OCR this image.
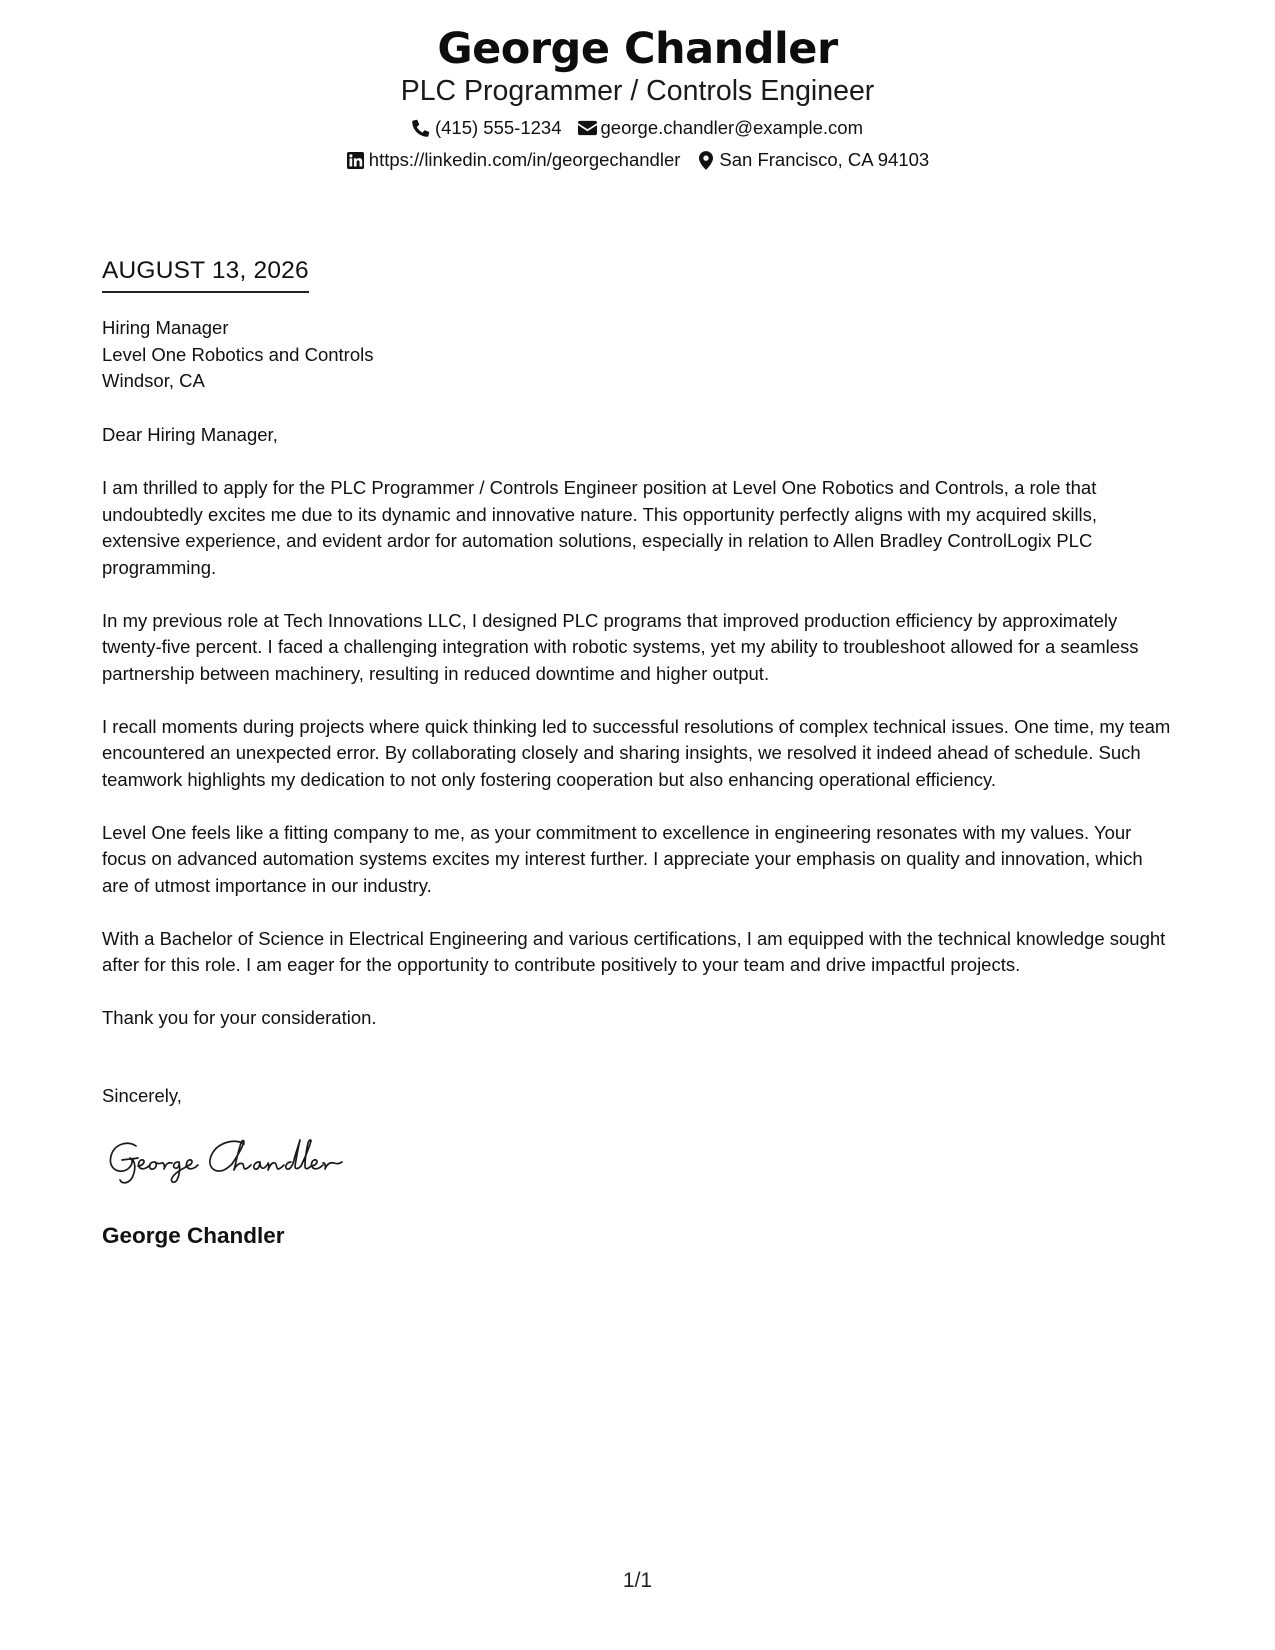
George Chandler
PLC Programmer / Controls Engineer
(415) 555-1234 george.chandler@example.com
https://linkedin.com/in/georgechandler San Francisco, CA 94103
AUGUST 13, 2026
Hiring Manager
Level One Robotics and Controls
Windsor, CA

Dear Hiring Manager,

I am thrilled to apply for the PLC Programmer / Controls Engineer position at Level One Robotics and Controls, a role that undoubtedly excites me due to its dynamic and innovative nature. This opportunity perfectly aligns with my acquired skills, extensive experience, and evident ardor for automation solutions, especially in relation to Allen Bradley ControlLogix PLC programming.

In my previous role at Tech Innovations LLC, I designed PLC programs that improved production efficiency by approximately twenty-five percent. I faced a challenging integration with robotic systems, yet my ability to troubleshoot allowed for a seamless partnership between machinery, resulting in reduced downtime and higher output.

I recall moments during projects where quick thinking led to successful resolutions of complex technical issues. One time, my team encountered an unexpected error. By collaborating closely and sharing insights, we resolved it indeed ahead of schedule. Such teamwork highlights my dedication to not only fostering cooperation but also enhancing operational efficiency.

Level One feels like a fitting company to me, as your commitment to excellence in engineering resonates with my values. Your focus on advanced automation systems excites my interest further. I appreciate your emphasis on quality and innovation, which are of utmost importance in our industry.

With a Bachelor of Science in Electrical Engineering and various certifications, I am equipped with the technical knowledge sought after for this role. I am eager for the opportunity to contribute positively to your team and drive impactful projects.

Thank you for your consideration.

Sincerely,
George Chandler
1/1
